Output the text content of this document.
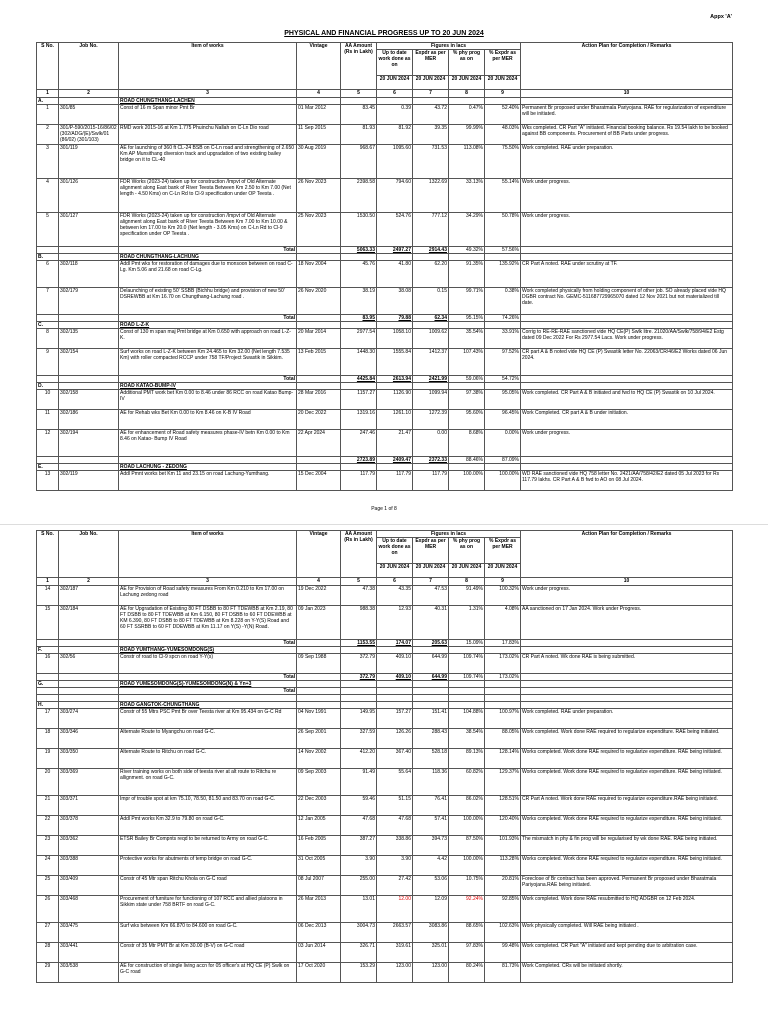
Appx 'A'
PHYSICAL AND FINANCIAL PROGRESS UP TO 20 JUN 2024
S No.	Job No.	Item of works	Vintage	AA Amount (Rs in Lakh)	Figures in lacs				Action Plan for Completion / Remarks
					Up to date work done as on	Expdr as per MER	% phy prog as on	% Expdr as per MER	
					20 JUN 2024	20 JUN 2024	20 JUN 2024	20 JUN 2024	
1	2	3	4	5	6	7	8	9	10
A.		ROAD CHUNGTHANG-LACHEN							
1	301/85	Const of 16 m Span minor Pmt Br	01 Mar 2012	83.45	0.39	43.72	0.47%	52.40%	Permanent Br proposed under Bharatmala Pariyojana. RAE for regularization of expenditure will be initiated.
2	301/P-590/2015-16/86/02 (302/ADG/(E)/Swlk/01 (86/02) (301/103)	RMD work 2015-16 at Km 1.775 Phuinchu Nallah on C-Ln Dio road	11 Sep 2015	81.93	81.92	39.35	99.99%	48.03%	Wks completed. CR Part "A" initiated. Financial booking balance. Rs 19.54 lakh to be booked against BB components. Procurement of BB Parts under progress.
3	301/119	AE for launching of 360 ft CL-24 BSB on C-Ln road and strengthening of 2.650 Km AP Munsithang diversion track and upgradation of two existing bailey bridge on it to CL-40	30 Aug 2019	968.67	1095.60	731.53	113.08%	75.50%	Work completed. RAE under preparation.
4	301/126	FDR Works (2023-24) taken up for construction /Impvt of Old Alternate alignment along East bank of River Teesta Between Km 2.50 to Km 7.00 (Net length - 4.50 Kms) on C-Ln Rd to Cl-9 specification under OP Teesta .	26 Nov 2023	2398.58	794.60	1322.69	33.13%	55.14%	Work under progress.
5	301/127	FDR Works (2023-24) taken up for construction /Impvt of Old Alternate alignment along East bank of River Teesta Between Km 7.00 to Km 10.00 & between km 17.00 to Km 20.0 (Net length - 3.05 Kms) on C-Ln Rd to Cl-9 specification under OP Teesta .	25 Nov 2023	1530.50	524.76	777.12	34.29%	50.78%	Work under progress.
		Total		5063.33	2497.27	2914.43	49.32%	57.56%	
B.		ROAD CHUNGTHANG-LACHUNG							
6	302/118	Addl Pmt wks for restoration of damages due to monsoon between on road C-Lg. Km 5.06 and 21.68 on road C-Lg.	18 Nov 2004	45.76	41.80	62.20	91.35%	135.92%	CR Part A noted. RAE under scrutiny at TF.
7	302/179	Delaunching of existing 50' SSBB (Bichhu bridge) and provision of new 50' DSREWBB at Km 16.70 on Chungthang-Lachung road .	26 Nov 2020	38.19	38.08	0.15	99.71%	0.38%	Work completed physically from holding component of other job. SO already placed vide HQ DGBR contract No. GEMC-511687729965070 dated 12 Nov 2021 but not materialized till date.
		Total		83.95	79.88	62.34	95.15%	74.26%	
C.		ROAD L-Z-K							
8	302/135	Const of 130 m span maj Pmt bridge at Km 0.650 with approach on road L-Z-K.	20 Mar 2014	2977.54	1058.10	1009.62	35.54%	33.91%	Corrig to RE-RE-RAE sanctioned vide HQ CE(P) Swlk litre. 21020/AA/Swlk/758/94/E2 Estg dated 09 Dec 2022 For Rs 2977.54 Lacs. Work under progress.
9	302/154	Surf works on road L-Z-K between Km 24.465 to Km 32.00 (Net length 7.535 Km) with roller compacted RCCP under 758 TF/Project Swastik in Sikkim.	13 Feb 2015	1448.30	1555.84	1412.37	107.43%	97.52%	CR part A & B noted vide HQ CE (P) Swastik letter No. 22063/CR/46/E2 Works dated 06 Jun 2024.
		Total		4425.84	2613.94	2421.99	59.06%	54.72%	
D.		ROAD KATAO-BUMP-IV							
10	302/158	Additional PMT work bet Km 0.00 to 8.46 under 86 RCC on road Katao Bump-IV	28 Mar 2016	1157.27	1126.90	1099.94	97.38%	95.05%	Work completed. CR Part A & B initiated and fwd to HQ CE (P) Swastik on 10 Jul 2024.
11	302/186	AE for Rehab wks Bet Km 0.00 to Km 8.46 on K-B IV Road	20 Dec 2022	1319.16	1261.10	1272.39	95.60%	96.45%	Work Completed. CR part A & B under initiation.
12	302/194	AE for enhancement of Road safety measures phase-IV betn Km 0.00 to Km 8.46 on Katao- Bump IV Road	22 Apr 2024	247.46	21.47	0.00	8.68%	0.00%	Work under progress.
				2723.89	2409.47	2372.33	88.46%	87.09%	
E.		ROAD LACHUNG - ZEDONG							
13	302/119	Addl Pmnt works bet Km 11 and 23.15 on road Lachung-Yumthang.	15 Dec 2004	117.79	117.79	117.79	100.00%	100.00%	WD RAE sanctioned vide HQ 758 letter No. 2421/AA/758/42/E2 dated 05 Jul 2023 for Rs 117.79 lakhs. CR Part A & B fwd to AO on 08 Jul 2024.
Page 1 of 8
S No.	Job No.	Item of works	Vintage	AA Amount (Rs in Lakh)	Figures in lacs				Action Plan for Completion / Remarks
					Up to date work done as on	Expdr as per MER	% phy prog as on	% Expdr as per MER	
					20 JUN 2024	20 JUN 2024	20 JUN 2024	20 JUN 2024	
1	2	3	4	5	6	7	8	9	10
14	302/187	AE for Provision of Road safety measures From Km 0.210 to Km 17.00 on Lachung zedong road	19 Dec 2022	47.38	43.35	47.53	91.49%	100.32%	Work under progress.
15	302/184	AE for Upgradation of Existing 80 FT DSBB to 80 FT TDEWBB at Km 2.19, 80 FT DSBB to 80 FT TDEWBB at Km 6.150, 80 FT DSBB to 60 FT DDEWBB at KM 6.390, 80 FT DSBB to 80 FT TDEWBB at Km 8.228 on Y-Y(S) Road and 60 FT SSRBB to 60 FT DDEWBB at Km 11.17 on Y(S) -Y(N) Road.	09 Jan 2023	988.38	12.93	40.31	1.31%	4.08%	AA sanctioned on 17 Jan 2024. Work under Progress.
		Total		1153.55	174.07	205.63	15.09%	17.83%	
F.		ROAD YUMTHANG-YUMESOMDONG(S)							
16	302/56	Constr of road to Cl-9 spcn on road Y-Y(s)	09 Sep 1988	372.79	409.10	644.99	109.74%	173.02%	CR Part A noted. Wk done RAE is being submitted.
		Total		372.79	409.10	644.99	109.74%	173.02%	
G.		ROAD YUMESOMDONG(S)-YUMESOMDONG(N) & Yn+3							
		Total							

H.		ROAD GANGTOK-CHUNGTHANG							
17	303/274	Constr of 55 Mtrs PSC Pmt Br over Teesta river at Km 95.434 on G-C Rd	04 Nov 1991	149.95	157.27	151.41	104.88%	100.97%	Work completed. RAE under preparation.
18	303/346	Alternate Route to Myangchu on road G-C.	26 Sep 2001	327.59	126.26	288.43	38.54%	88.05%	Work completed. Work done RAE required to regularize expenditure. RAE being initiated.
19	303/350	Alternate Route to Ritchu on road G-C.	14 Nov 2002	412.20	367.40	528.18	89.13%	128.14%	Works completed. Work done RAE required to regularize expenditure. RAE being initiated.
20	303/369	River training works on both side of teesta river at alt route to Ritchu re allignment. on road G-C.	09 Sep 2003	91.49	55.64	118.36	60.82%	129.37%	Works completed. Work done RAE required to regularize expenditure. RAE being initiated.
21	303/371	Impr of trouble spot at km 75.10, 78.50, 81.50 and 83.70 on road G-C.	22 Dec 2003	59.46	51.15	76.41	86.02%	128.51%	CR Part A noted. Work done RAE required to regularize expenditure.RAE being initiated.
22	303/378	Addl Pmt works Km 32.9 to 79.80 on road G-C.	12 Jan 2005	47.68	47.68	57.41	100.00%	120.40%	Works completed. Work done RAE required to regularize expenditure. RAE being initiated.
23	303/362	ETSR Bailey Br Compnts reqd to be returned to Army on road G-C.	16 Feb 2005	387.27	338.86	394.73	87.50%	101.93%	The mismatch in phy & fin prog will be regularised by wk done RAE. RAE being initiated.
24	303/388	Protective works for abutments of temp bridge on road G-C.	31 Oct 2005	3.90	3.90	4.42	100.00%	113.28%	Works completed. Work done RAE required to regularize expenditure. RAE being initiated.
25	303/409	Constr of 45 Mtr span Ritchu Khola on G-C road	08 Jul 2007	255.00	27.42	53.06	10.75%	20.81%	Foreclose of Br contract has been approved. Permanent Br proposed under Bharatmala Pariyojana.RAE being initiated.
26	303/468	Procurement of furniture for functioning of 107 RCC and allied platoons in Sikkim state under 758 BRTF on road G-C.	26 Mar 2013	13.01	12.00	12.09	92.24%	92.85%	Work completed. Work done RAE resubmitted to HQ ADGBR on 12 Feb 2024.
27	303/475	Surf wks between Km 66.870 to 84.600 on road G-C.	06 Dec 2013	3004.73	2663.57	3083.86	88.65%	102.63%	Work physically completed. Will RAE being initiated .
28	303/441	Constr of 35 Mtr PMT Br at Km 30.00 (B-V) on G-C road	03 Jun 2014	326.71	319.61	325.01	97.83%	99.48%	Work completed. CR Part "A" initiated and kept pending due to arbitration case.
29	303/538	AE for construction of single living accn for 05 officer's at HQ CE (P) Swlk on G-C road	17 Oct 2020	153.29	123.00	123.00	80.24%	81.73%	Work Completed. CRs will be initiated shortly.
